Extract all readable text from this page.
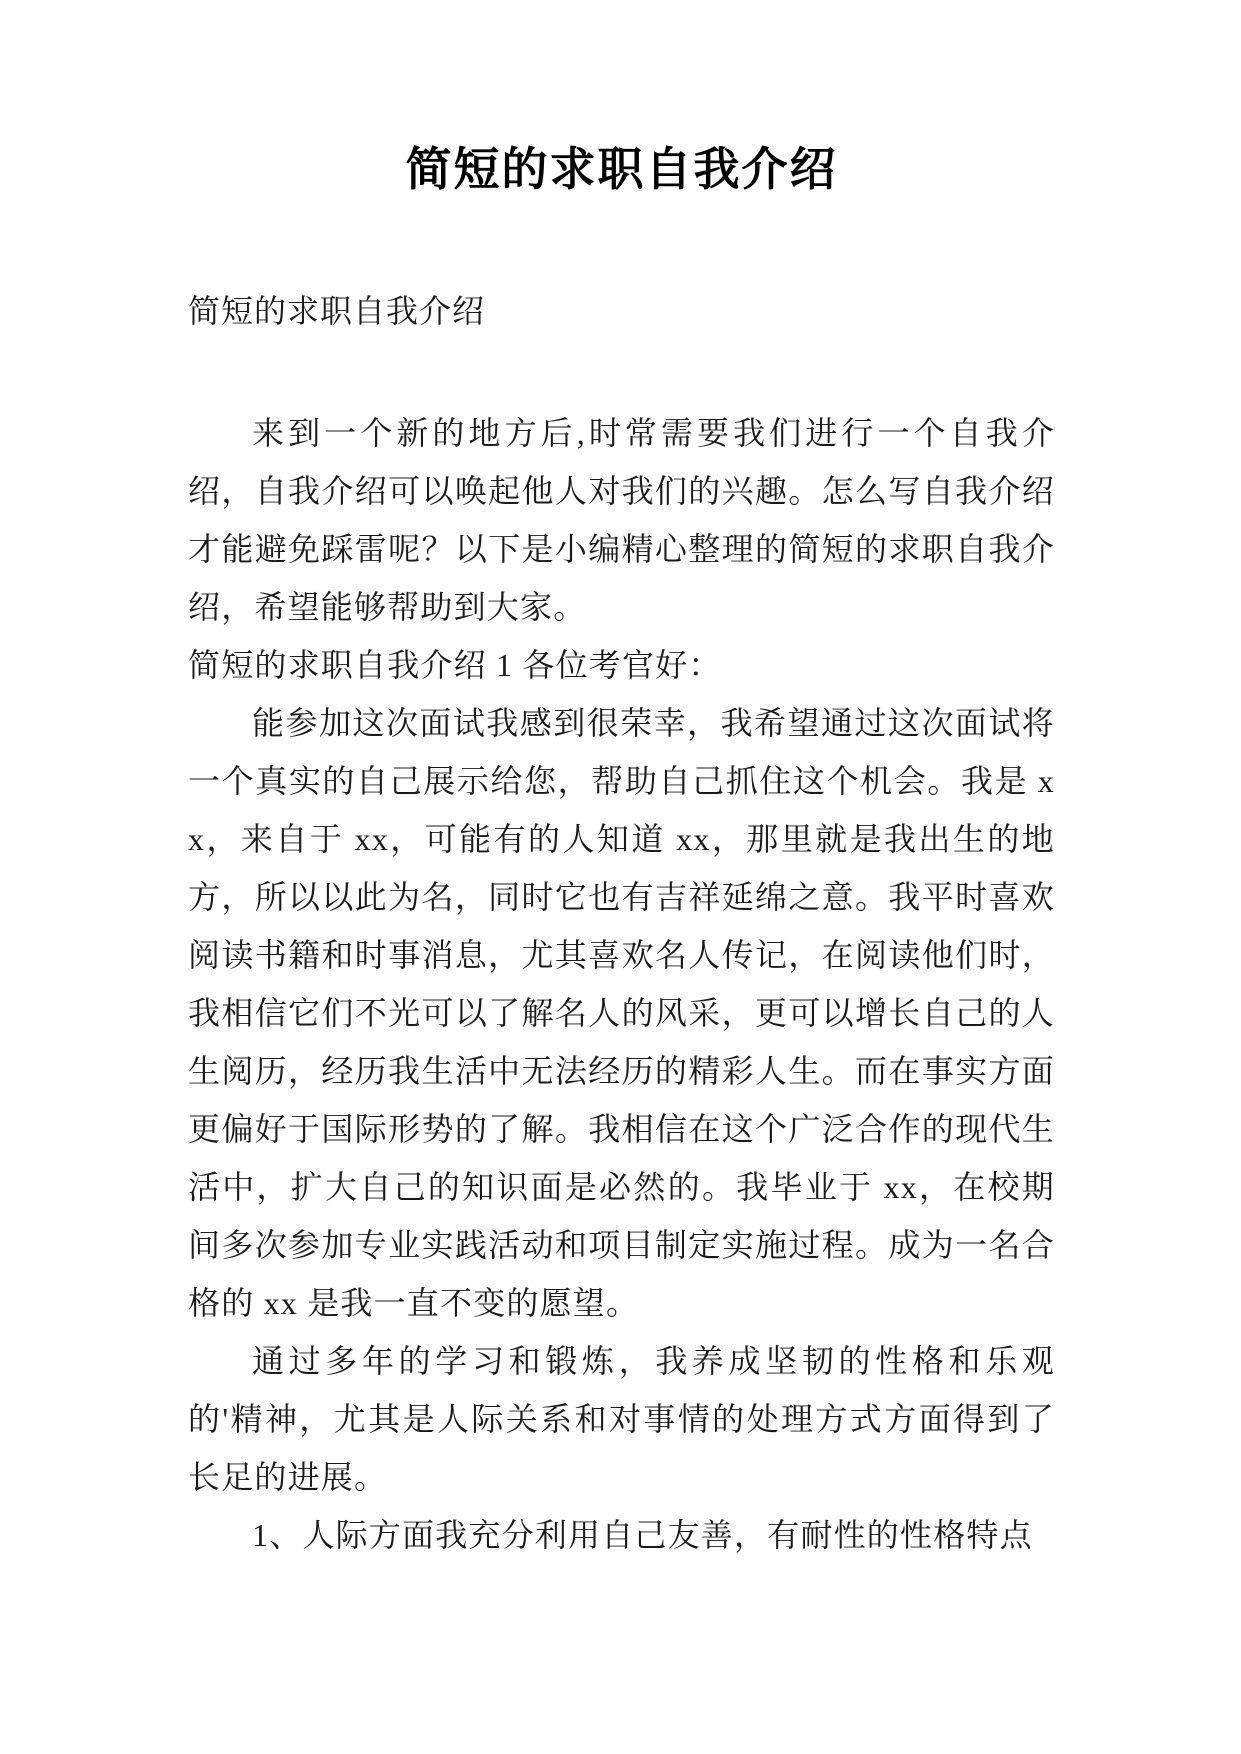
简短的求职自我介绍

简短的求职自我介绍

来到一个新的地方后,时常需要我们进行一个自我介绍，自我介绍可以唤起他人对我们的兴趣。怎么写自我介绍才能避免踩雷呢？以下是小编精心整理的简短的求职自我介绍，希望能够帮助到大家。

简短的求职自我介绍 1 各位考官好：

能参加这次面试我感到很荣幸，我希望通过这次面试将一个真实的自己展示给您，帮助自己抓住这个机会。我是 xx，来自于 xx，可能有的人知道 xx，那里就是我出生的地方，所以以此为名，同时它也有吉祥延绵之意。我平时喜欢阅读书籍和时事消息，尤其喜欢名人传记，在阅读他们时，我相信它们不光可以了解名人的风采，更可以增长自己的人生阅历，经历我生活中无法经历的精彩人生。而在事实方面更偏好于国际形势的了解。我相信在这个广泛合作的现代生活中，扩大自己的知识面是必然的。我毕业于 xx，在校期间多次参加专业实践活动和项目制定实施过程。成为一名合格的 xx 是我一直不变的愿望。

通过多年的学习和锻炼，我养成坚韧的性格和乐观的'精神，尤其是人际关系和对事情的处理方式方面得到了长足的进展。

1、人际方面我充分利用自己友善，有耐性的性格特点
